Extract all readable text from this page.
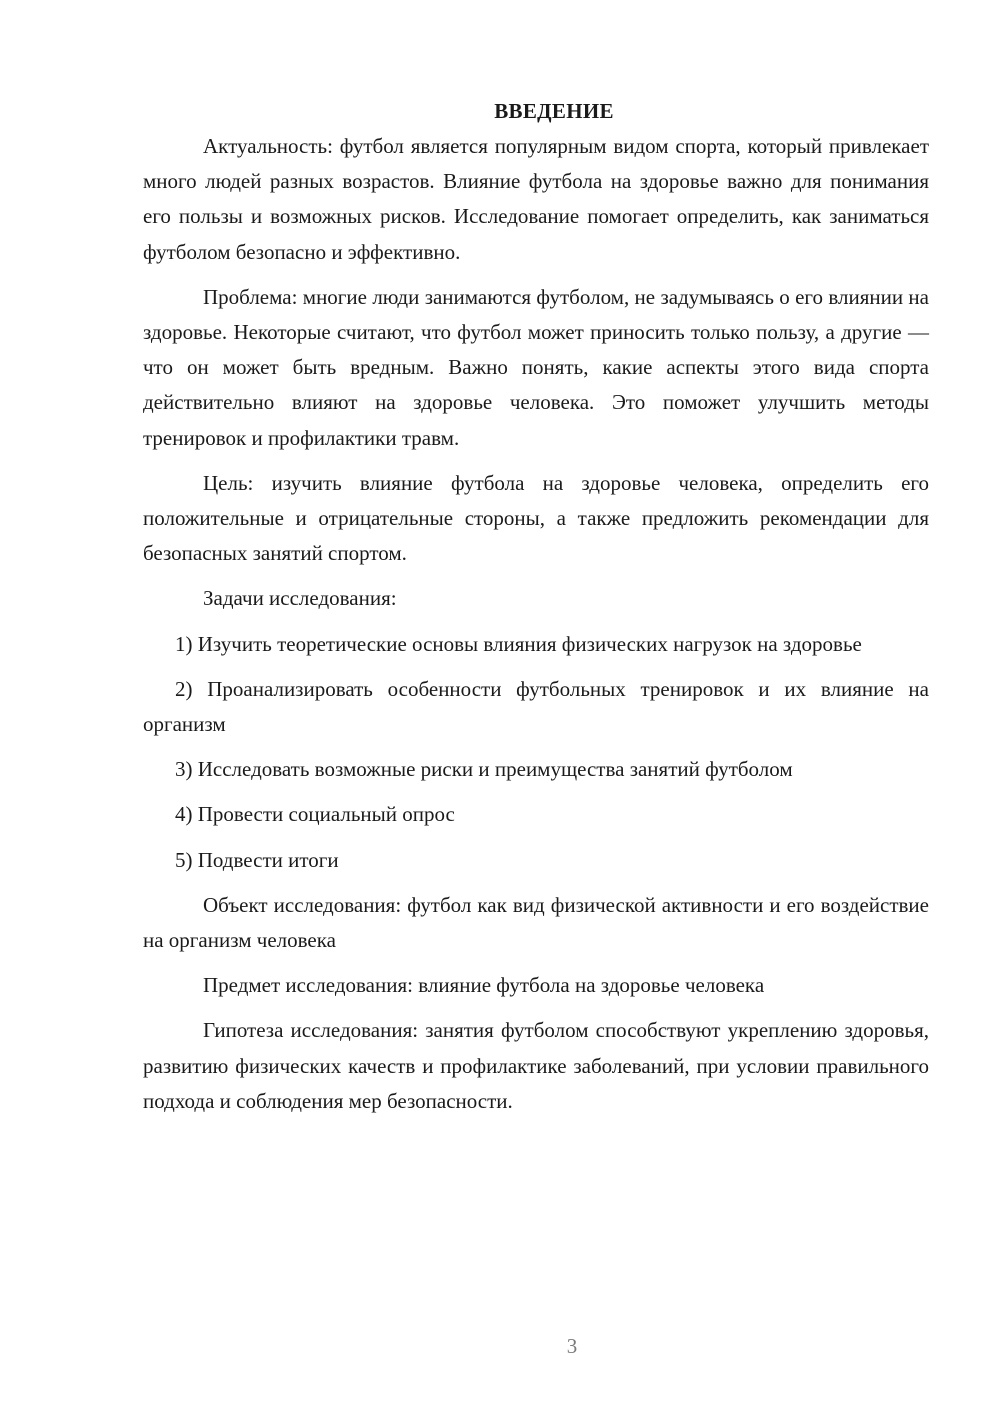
ВВЕДЕНИЕ

Актуальность: футбол является популярным видом спорта, который привлекает много людей разных возрастов. Влияние футбола на здоровье важно для понимания его пользы и возможных рисков. Исследование помогает определить, как заниматься футболом безопасно и эффективно.

Проблема: многие люди занимаются футболом, не задумываясь о его влиянии на здоровье. Некоторые считают, что футбол может приносить только пользу, а другие — что он может быть вредным. Важно понять, какие аспекты этого вида спорта действительно влияют на здоровье человека. Это поможет улучшить методы тренировок и профилактики травм.

Цель: изучить влияние футбола на здоровье человека, определить его положительные и отрицательные стороны, а также предложить рекомендации для безопасных занятий спортом.

Задачи исследования:

1) Изучить теоретические основы влияния физических нагрузок на здоровье

2) Проанализировать особенности футбольных тренировок и их влияние на организм

3) Исследовать возможные риски и преимущества занятий футболом

4) Провести социальный опрос

5) Подвести итоги

Объект исследования: футбол как вид физической активности и его воздействие на организм человека

Предмет исследования: влияние футбола на здоровье человека

Гипотеза исследования: занятия футболом способствуют укреплению здоровья, развитию физических качеств и профилактике заболеваний, при условии правильного подхода и соблюдения мер безопасности.

3
